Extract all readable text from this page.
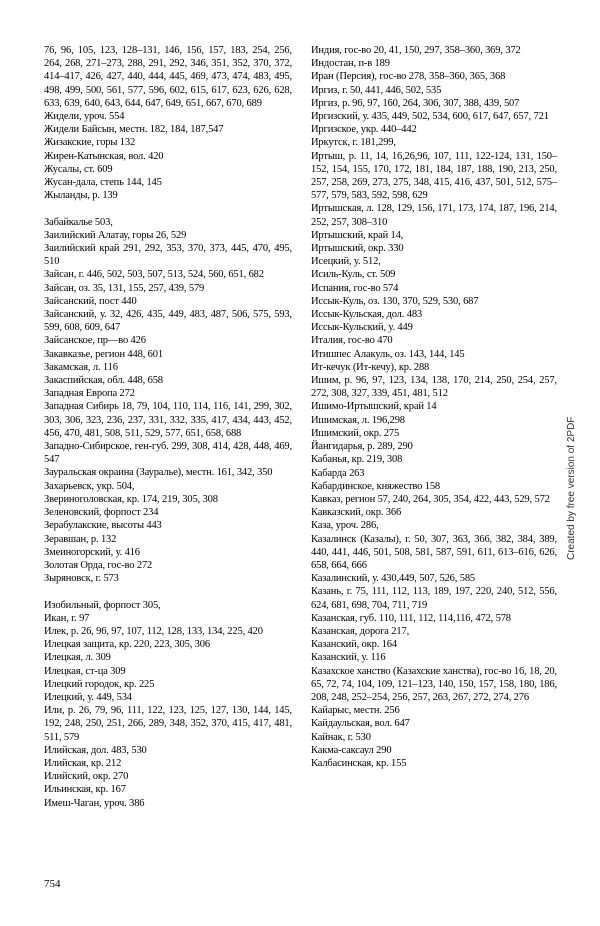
76, 96, 105, 123, 128–131, 146, 156, 157, 183, 254, 256, 264, 268, 271–273, 288, 291, 292, 346, 351, 352, 370, 372, 414–417, 426, 427, 440, 444, 445, 469, 473, 474, 483, 495, 498, 499, 500, 561, 577, 596, 602, 615, 617, 623, 626, 628, 633, 639, 640, 643, 644, 647, 649, 651, 667, 670, 689

Жидели, уроч. 554

Жидели Байсын, местн. 182, 184, 187,547

Жизакские, горы 132

Жирен-Катынская, вол. 420

Жусалы, ст. 609

Жусан-дала, степь 144, 145

Жыланды, р. 139

Забайкалье 503,

Заилийский Алатау, горы 26, 529

Заилийский край 291, 292, 353, 370, 373, 445, 470, 495, 510

Зайсан, г. 446, 502, 503, 507, 513, 524, 560, 651, 682

Зайсан, оз. 35, 131, 155, 257, 439, 579

Зайсанский, пост 440

Зайсанский, у. 32, 426, 435, 449, 483, 487, 506, 575, 593, 599, 608, 609, 647

Зайсанское, пр—во 426

Закавказье, регион 448, 601

Закамская, л. 116

Закаспийская, обл. 448, 658

Западная Европа 272

Западная Сибирь 18, 79, 104, 110, 114, 116, 141, 299, 302, 303, 306, 323, 236, 237, 331, 332, 335, 417, 434, 443, 452, 456, 470, 481, 508, 511, 529, 577, 651, 658, 688

Западно-Сибирское, ген-губ. 299, 308, 414, 428, 448, 469, 547

Зауральская окраина (Зауралье), местн. 161, 342, 350

Захарьевск, укр. 504,

Звериноголовская, кр. 174, 219, 305, 308

Зеленовский, форпост 234

Зерабулакские, высоты 443

Зеравшан, р. 132

Змеиногорский, у. 416

Золотая Орда, гос-во 272

Зыряновск, г. 573

Изобильный, форпост 305,

Икан, г. 97

Илек, р. 26, 96, 97, 107, 112, 128, 133, 134, 225, 420

Илецкая защита, кр. 220, 223, 305, 306

Илецкая, л. 309

Илецкая, ст-ца 309

Илецкий городок, кр. 225

Илецкий, у. 449, 534

Или, р. 26, 79, 96, 111, 122, 123, 125, 127, 130, 144, 145, 192, 248, 250, 251, 266, 289, 348, 352, 370, 415, 417, 481, 511, 579

Илийская, дол. 483, 530

Илийская, кр. 212

Илийский, окр. 270

Ильинская, кр. 167

Имеш-Чаган, уроч. 386

Индия, гос-во 20, 41, 150, 297, 358–360, 369, 372

Индостан, п-в 189

Иран (Персия), гос-во 278, 358–360, 365, 368

Иргиз, г. 50, 441, 446, 502, 535

Иргиз, р. 96, 97, 160, 264, 306, 307, 388, 439, 507

Иргизский, у. 435, 449, 502, 534, 600, 617, 647, 657, 721

Иргизское, укр. 440–442

Иркутск, г. 181,299,

Иртыш, р. 11, 14, 16,26,96, 107, 111, 122-124, 131, 150–152, 154, 155, 170, 172, 181, 184, 187, 188, 190, 213, 250, 257, 258, 269, 273, 275, 348, 415, 416, 437, 501, 512, 575–577, 579, 583, 592, 598, 629

Иртышская, л. 128, 129, 156, 171, 173, 174, 187, 196, 214, 252, 257, 308–310

Иртышский, край 14,

Иртышский, окр. 330

Исецкий, у. 512,

Исиль-Куль, ст. 509

Испания, гос-во 574

Иссык-Куль, оз. 130, 370, 529, 530, 687

Иссык-Кульская, дол. 483

Иссык-Кульский, у. 449

Италия, гос-во 470

Итишпес Алакуль, оз. 143, 144, 145

Ит-кечук (Ит-кечу), кр. 288

Ишим, р. 96, 97, 123, 134, 138, 170, 214, 250, 254, 257, 272, 308, 327, 339, 451, 481, 512

Ишимо-Иртышский, край 14

Ишимская, л. 196,298

Ишимский, окр. 275

Йангидарья, р. 289, 290

Кабанья, кр. 219, 308

Кабарда 263

Кабардинское, княжество 158

Кавказ, регион 57, 240, 264, 305, 354, 422, 443, 529, 572

Кавказский, окр. 366

Каза, уроч. 286,

Казалинск (Казалы), г. 50, 307, 363, 366, 382, 384, 389, 440, 441, 446, 501, 508, 581, 587, 591, 611, 613–616, 626, 658, 664, 666

Казалинский, у. 430,449, 507, 526, 585

Казань, г. 75, 111, 112, 113, 189, 197, 220, 240, 512, 556, 624, 681, 698, 704, 711, 719

Казанская, губ. 110, 111, 112, 114,116, 472, 578

Казанская, дорога 217,

Казанский, окр. 164

Казанский, у. 116

Казахское ханство (Казахские ханства), гос-во 16, 18, 20, 65, 72, 74, 104, 109, 121–123, 140, 150, 157, 158, 180, 186, 208, 248, 252–254, 256, 257, 263, 267, 272, 274, 276

Кайарыс, местн. 256

Кайдаульская, вол. 647

Кайнак, г. 530

Какма-саксаул 290

Калбасинская, кр. 155

754
Created by free version of 2PDF
